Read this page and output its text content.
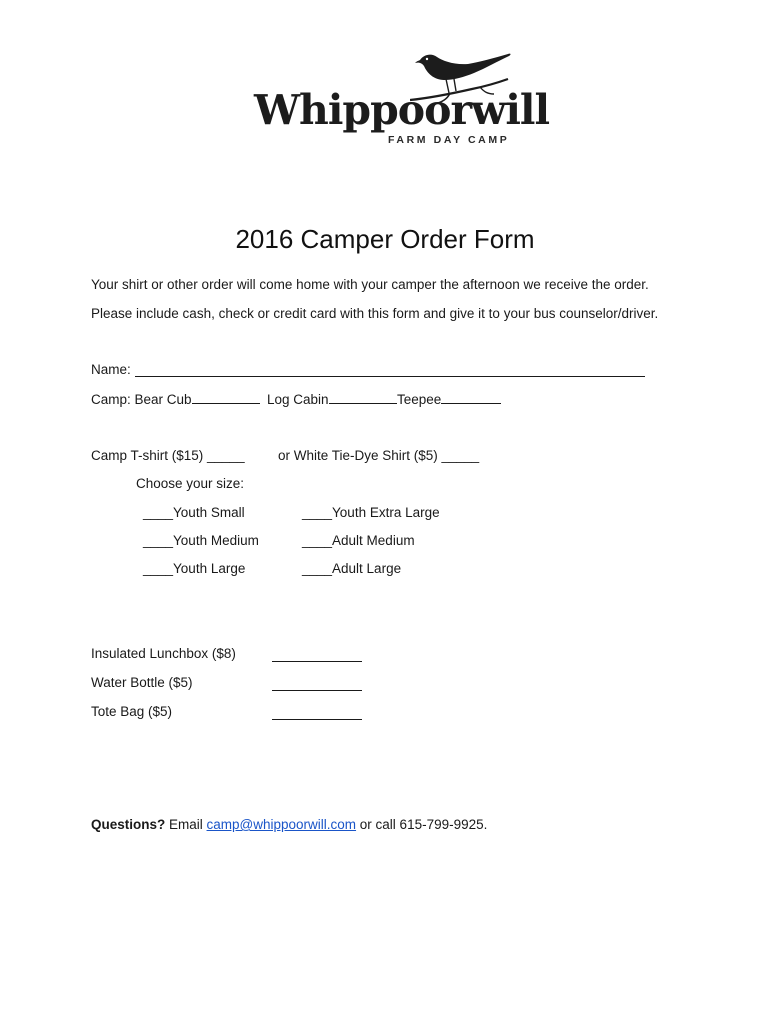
Whippoorwill
FARM DAY CAMP
2016 Camper Order Form
Your shirt or other order will come home with your camper the afternoon we receive the order.
Please include cash, check or credit card with this form and give it to your bus counselor/driver.
Name:
Camp: Bear Cub	Log Cabin	Teepee
Camp T-shirt ($15) _____ or White Tie-Dye Shirt ($5) _____
Choose your size:
____Youth Small
____Youth Medium
____Youth Large
____Youth Extra Large
____Adult Medium
____Adult Large
Insulated Lunchbox ($8)
Water Bottle ($5)
Tote Bag ($5)
Questions? Email camp@whippoorwill.com or call 615-799-9925.
